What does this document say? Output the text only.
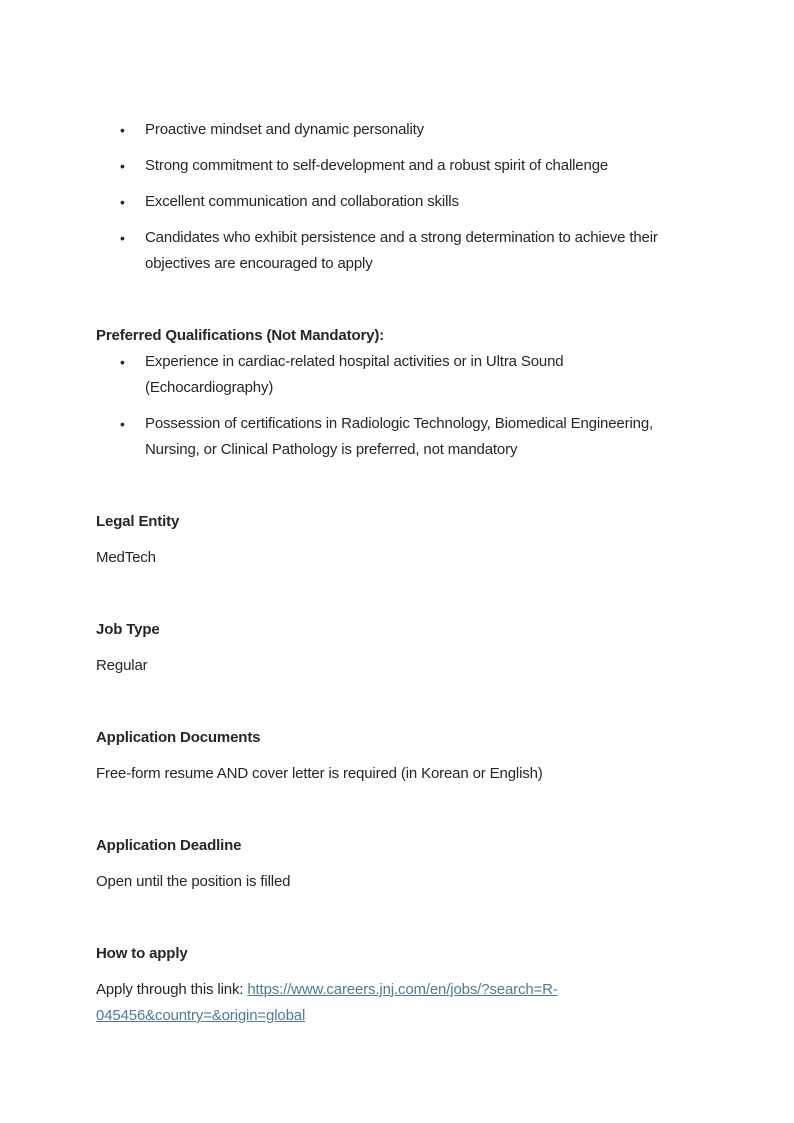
• Proactive mindset and dynamic personality
• Strong commitment to self-development and a robust spirit of challenge
• Excellent communication and collaboration skills
• Candidates who exhibit persistence and a strong determination to achieve their objectives are encouraged to apply

Preferred Qualifications (Not Mandatory):

• Experience in cardiac-related hospital activities or in Ultra Sound (Echocardiography)
• Possession of certifications in Radiologic Technology, Biomedical Engineering, Nursing, or Clinical Pathology is preferred, not mandatory

Legal Entity

MedTech

Job Type

Regular

Application Documents

Free-form resume AND cover letter is required (in Korean or English)

Application Deadline

Open until the position is filled

How to apply

Apply through this link: https://www.careers.jnj.com/en/jobs/?search=R-045456&country=&origin=global
